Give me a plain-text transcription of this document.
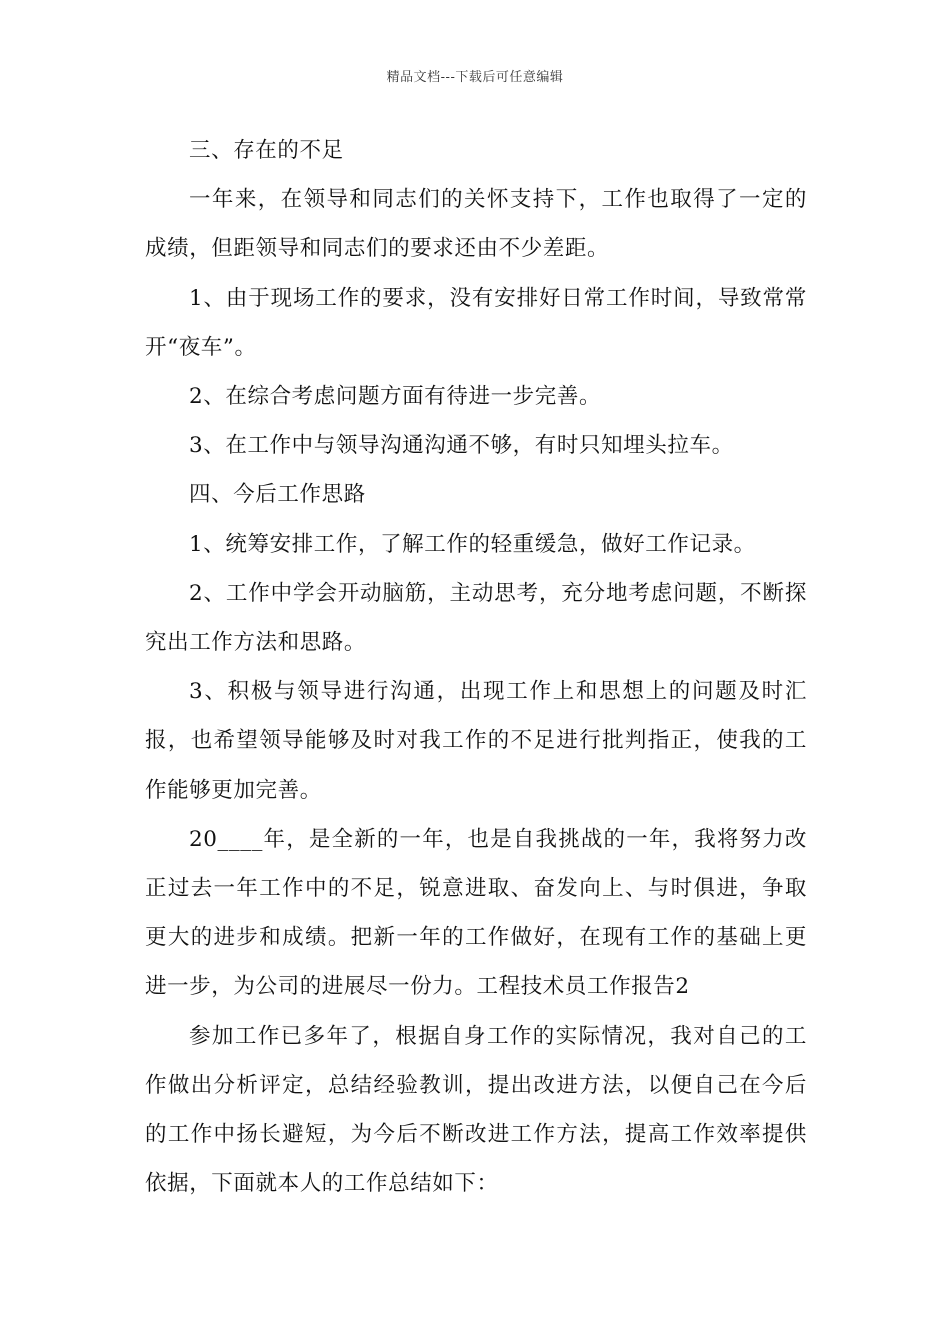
精品文档---下载后可任意编辑

三、存在的不足

一年来，在领导和同志们的关怀支持下，工作也取得了一定的成绩，但距领导和同志们的要求还由不少差距。

1、由于现场工作的要求，没有安排好日常工作时间，导致常常开“夜车”。

2、在综合考虑问题方面有待进一步完善。

3、在工作中与领导沟通沟通不够，有时只知埋头拉车。

四、今后工作思路

1、统筹安排工作，了解工作的轻重缓急，做好工作记录。

2、工作中学会开动脑筋，主动思考，充分地考虑问题，不断探究出工作方法和思路。

3、积极与领导进行沟通，出现工作上和思想上的问题及时汇报，也希望领导能够及时对我工作的不足进行批判指正，使我的工作能够更加完善。

20____年，是全新的一年，也是自我挑战的一年，我将努力改正过去一年工作中的不足，锐意进取、奋发向上、与时俱进，争取更大的进步和成绩。把新一年的工作做好，在现有工作的基础上更进一步，为公司的进展尽一份力。工程技术员工作报告2

参加工作已多年了，根据自身工作的实际情况，我对自己的工作做出分析评定，总结经验教训，提出改进方法，以便自己在今后的工作中扬长避短，为今后不断改进工作方法，提高工作效率提供依据，下面就本人的工作总结如下：
